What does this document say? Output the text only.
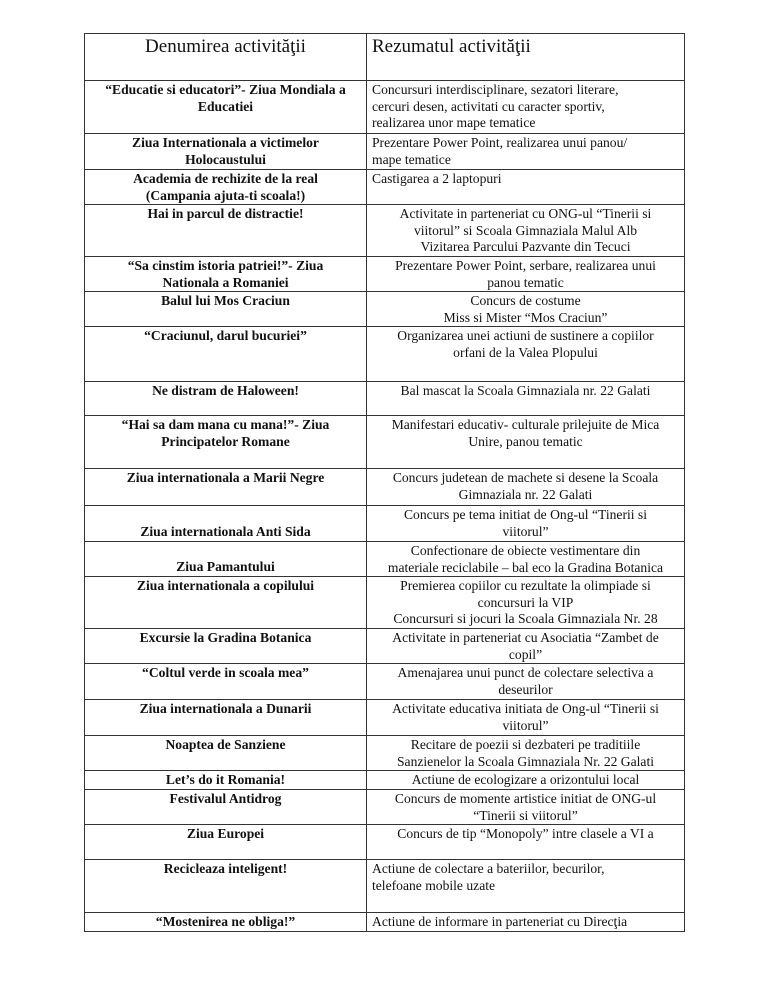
Denumirea activităţii	Rezumatul activităţii

“Educatie si educatori”- Ziua Mondiala a
Educatiei	Concursuri interdisciplinare, sezatori literare,
cercuri desen, activitati cu caracter sportiv,
realizarea unor mape tematice

Ziua Internationala a victimelor
Holocaustului	Prezentare Power Point, realizarea unui panou/
mape tematice

Academia de rechizite de la real
(Campania ajuta-ti scoala!)	Castigarea a 2 laptopuri

Hai in parcul de distractie!	Activitate in parteneriat cu ONG-ul “Tinerii si
viitorul” si Scoala Gimnaziala Malul Alb
Vizitarea Parcului Pazvante din Tecuci

“Sa cinstim istoria patriei!”- Ziua
Nationala a Romaniei	Prezentare Power Point, serbare, realizarea unui
panou tematic

Balul lui Mos Craciun	Concurs de costume
Miss si Mister “Mos Craciun”

“Craciunul, darul bucuriei”	Organizarea unei actiuni de sustinere a copiilor
orfani de la Valea Plopului

Ne distram de Haloween!	Bal mascat la Scoala Gimnaziala nr. 22 Galati

“Hai sa dam mana cu mana!”- Ziua
Principatelor Romane	Manifestari educativ- culturale prilejuite de Mica
Unire, panou tematic

Ziua internationala a Marii Negre	Concurs judetean de machete si desene la Scoala
Gimnaziala nr. 22 Galati

Ziua internationala Anti Sida	Concurs pe tema initiat de Ong-ul “Tinerii si
viitorul”

Ziua Pamantului	Confectionare de obiecte vestimentare din
materiale reciclabile – bal eco la Gradina Botanica

Ziua internationala a copilului	Premierea copiilor cu rezultate la olimpiade si
concursuri la VIP
Concursuri si jocuri la Scoala Gimnaziala Nr. 28

Excursie la Gradina Botanica	Activitate in parteneriat cu Asociatia “Zambet de
copil”

“Coltul verde in scoala mea”	Amenajarea unui punct de colectare selectiva a
deseurilor

Ziua internationala a Dunarii	Activitate educativa initiata de Ong-ul “Tinerii si
viitorul”

Noaptea de Sanziene	Recitare de poezii si dezbateri pe traditiile
Sanzienelor la Scoala Gimnaziala Nr. 22 Galati

Let’s do it Romania!	Actiune de ecologizare a orizontului local

Festivalul Antidrog	Concurs de momente artistice initiat de ONG-ul
“Tinerii si viitorul”

Ziua Europei	Concurs de tip “Monopoly” intre clasele a VI a

Recicleaza inteligent!	Actiune de colectare a bateriilor, becurilor,
telefoane mobile uzate

“Mostenirea ne obliga!”	Actiune de informare in parteneriat cu Direcţia
